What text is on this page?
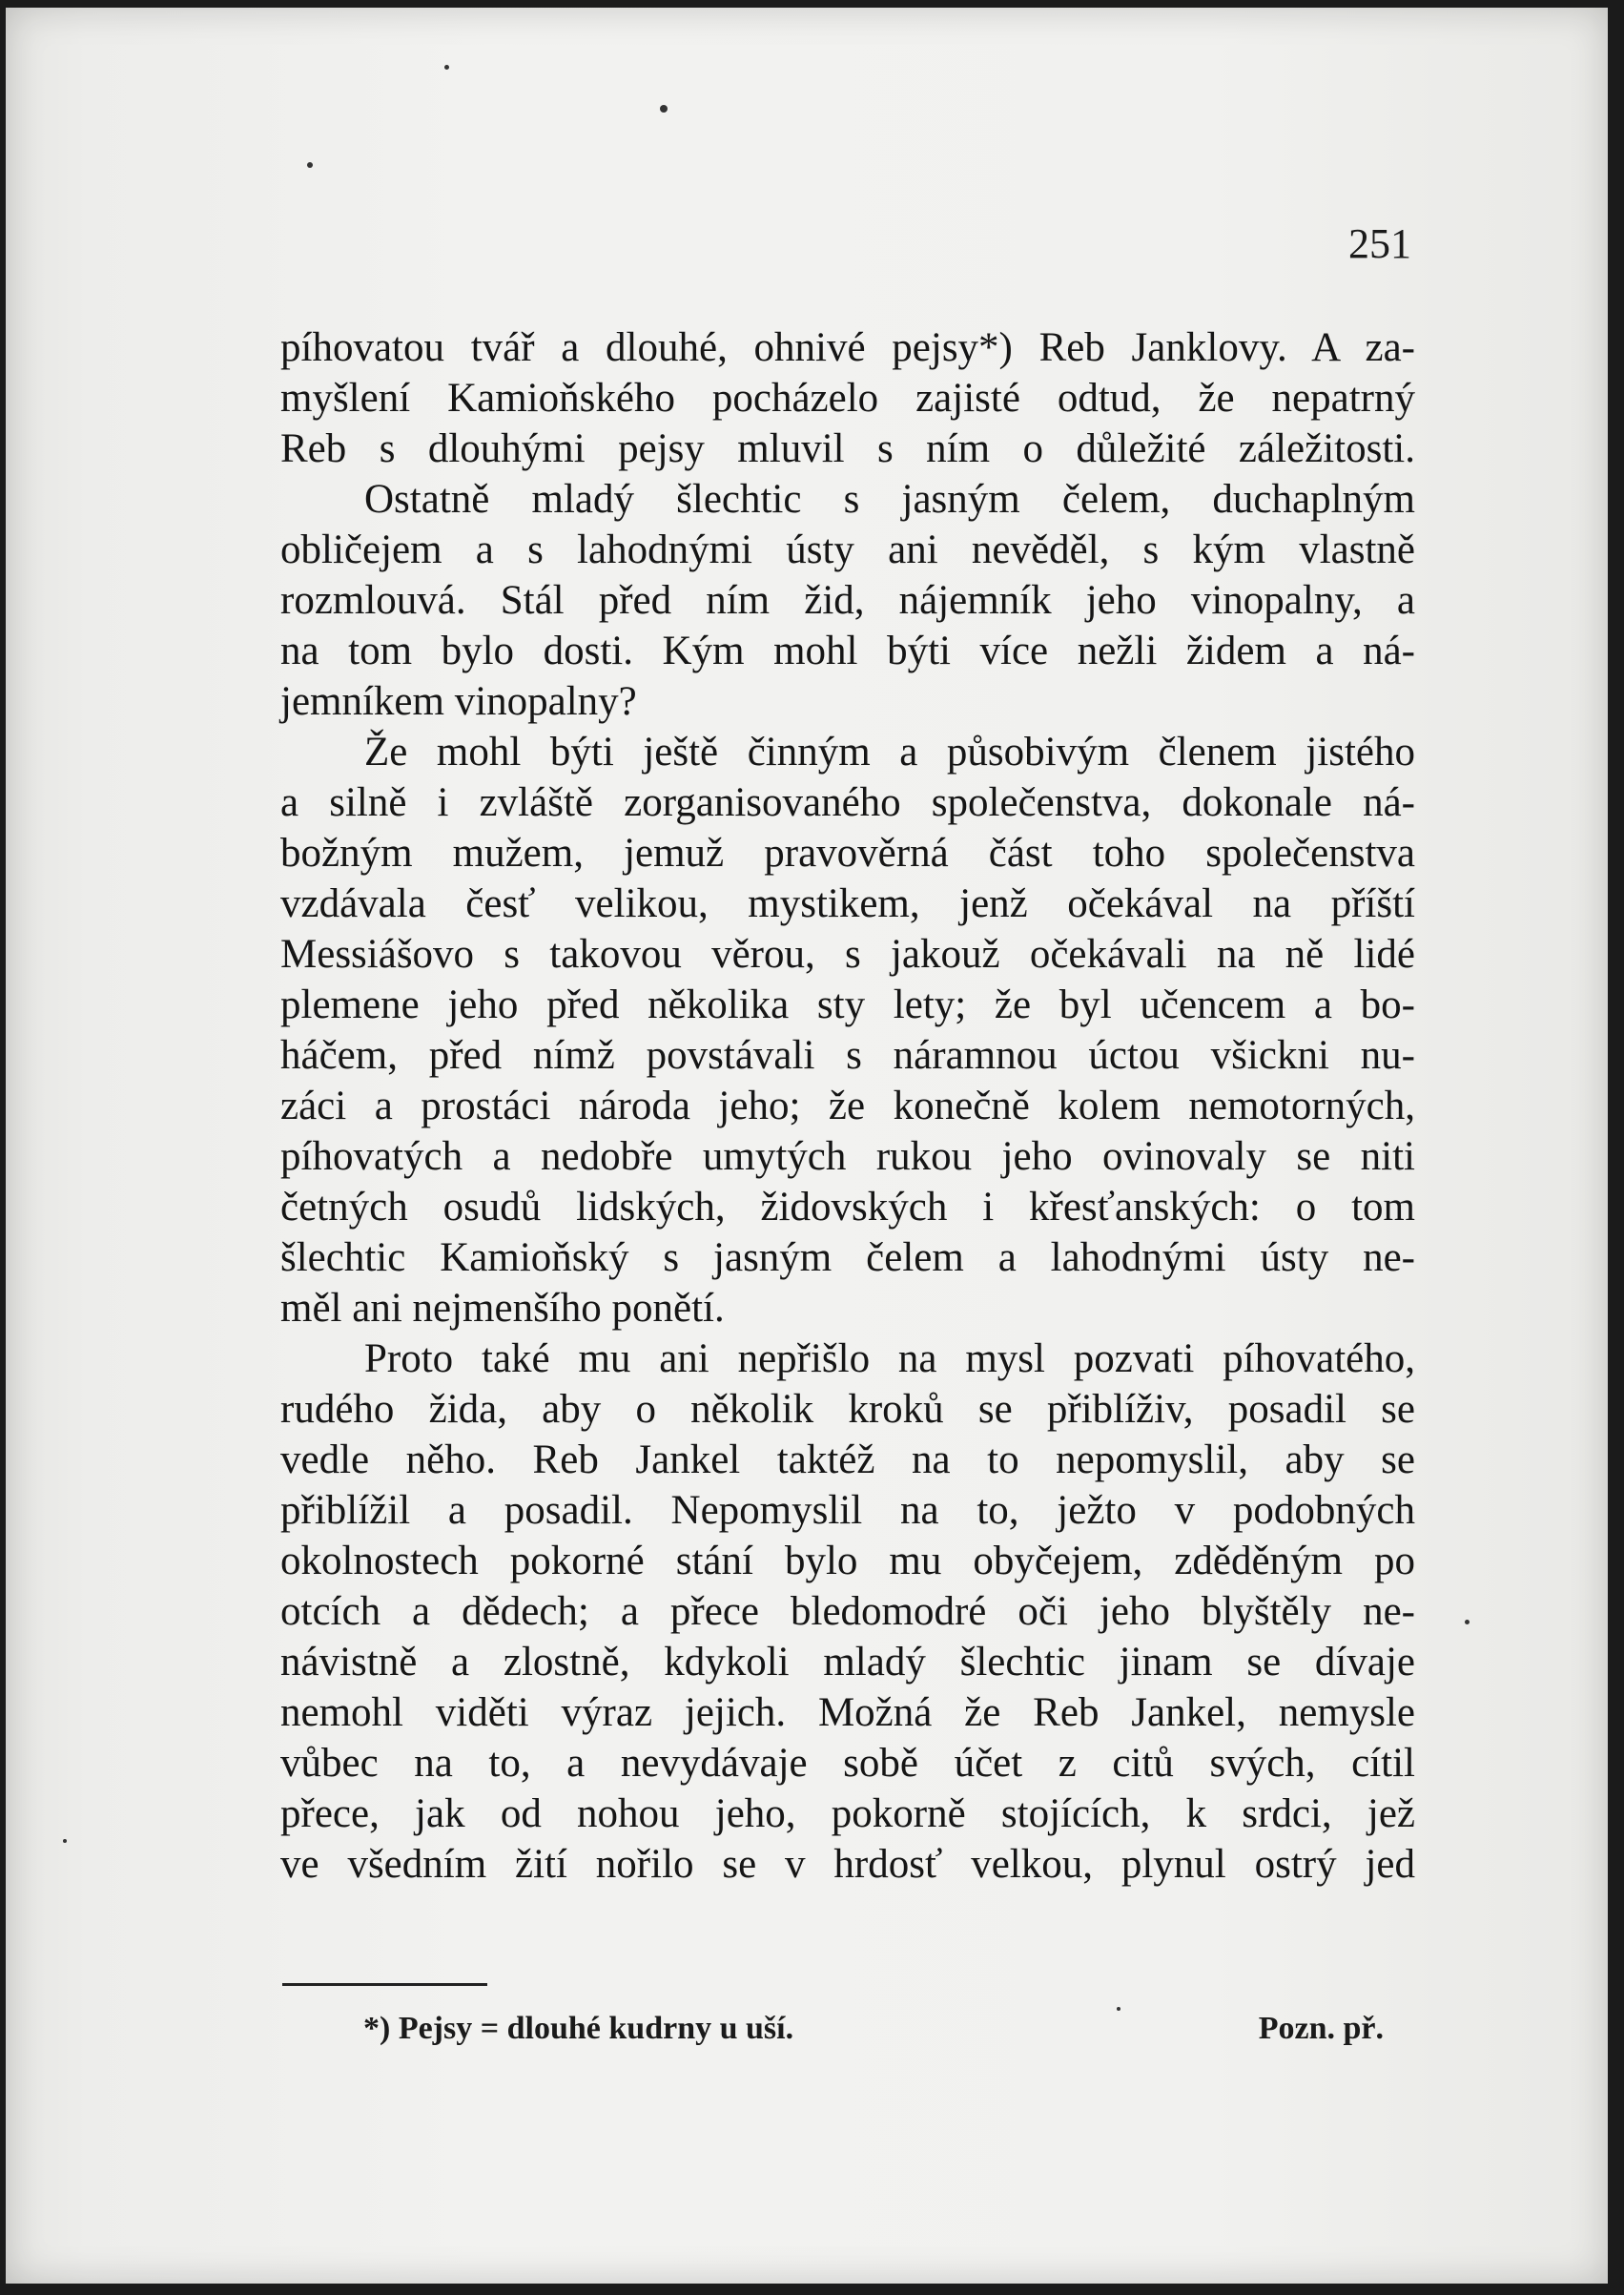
251

píhovatou tvář a dlouhé, ohnivé pejsy*) Reb Janklovy. A za-
myšlení Kamioňského pocházelo zajisté odtud, že nepatrný
Reb s dlouhými pejsy mluvil s ním o důležité záležitosti.
Ostatně mladý šlechtic s jasným čelem, duchaplným
obličejem a s lahodnými ústy ani nevěděl, s kým vlastně
rozmlouvá. Stál před ním žid, nájemník jeho vinopalny, a
na tom bylo dosti. Kým mohl býti více nežli židem a ná-
jemníkem vinopalny?
Že mohl býti ještě činným a působivým členem jistého
a silně i zvláště zorganisovaného společenstva, dokonale ná-
božným mužem, jemuž pravověrná část toho společenstva
vzdávala česť velikou, mystikem, jenž očekával na příští
Messiášovo s takovou věrou, s jakouž očekávali na ně lidé
plemene jeho před několika sty lety; že byl učencem a bo-
háčem, před nímž povstávali s náramnou úctou všickni nu-
záci a prostáci národa jeho; že konečně kolem nemotorných,
píhovatých a nedobře umytých rukou jeho ovinovaly se niti
četných osudů lidských, židovských i křesťanských: o tom
šlechtic Kamioňský s jasným čelem a lahodnými ústy ne-
měl ani nejmenšího ponětí.
Proto také mu ani nepřišlo na mysl pozvati píhovatého,
rudého žida, aby o několik kroků se přiblíživ, posadil se
vedle něho. Reb Jankel taktéž na to nepomyslil, aby se
přiblížil a posadil. Nepomyslil na to, ježto v podobných
okolnostech pokorné stání bylo mu obyčejem, zděděným po
otcích a dědech; a přece bledomodré oči jeho blyštěly ne-
návistně a zlostně, kdykoli mladý šlechtic jinam se dívaje
nemohl viděti výraz jejich. Možná že Reb Jankel, nemysle
vůbec na to, a nevydávaje sobě účet z citů svých, cítil
přece, jak od nohou jeho, pokorně stojících, k srdci, jež
ve všedním žití nořilo se v hrdosť velkou, plynul ostrý jed
*) Pejsy = dlouhé kudrny u uší.	Pozn. př.
